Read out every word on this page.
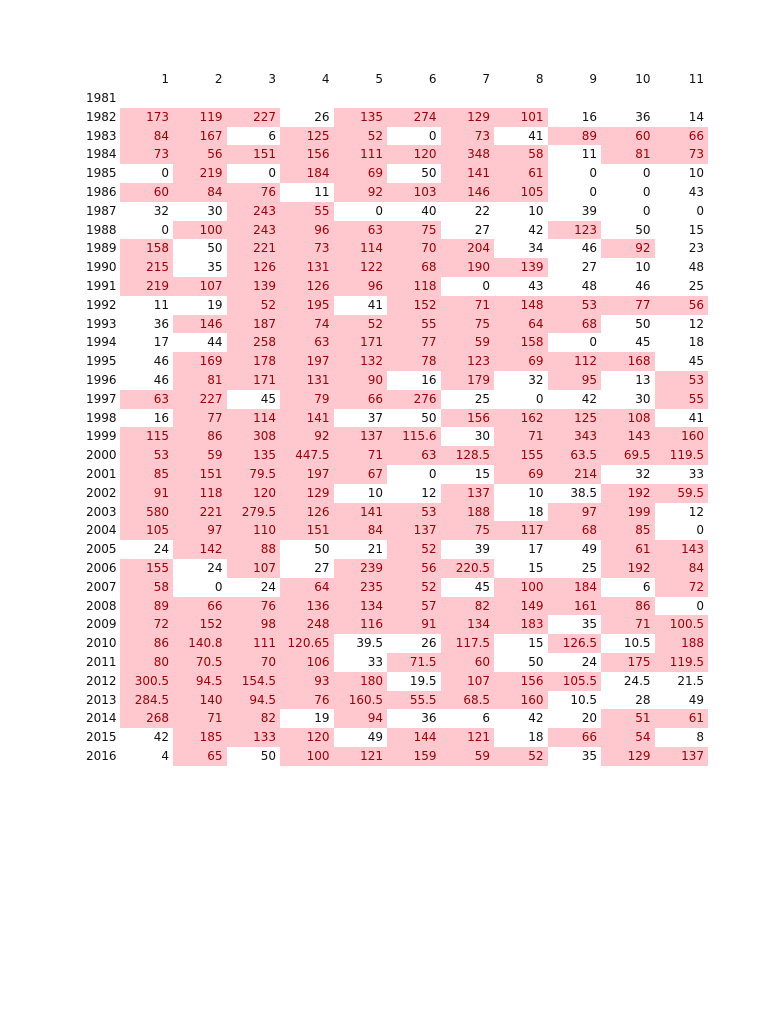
	1	2	3	4	5	6	7	8	9	10	11
1981											
1982	173	119	227	26	135	274	129	101	16	36	14
1983	84	167	6	125	52	0	73	41	89	60	66
1984	73	56	151	156	111	120	348	58	11	81	73
1985	0	219	0	184	69	50	141	61	0	0	10
1986	60	84	76	11	92	103	146	105	0	0	43
1987	32	30	243	55	0	40	22	10	39	0	0
1988	0	100	243	96	63	75	27	42	123	50	15
1989	158	50	221	73	114	70	204	34	46	92	23
1990	215	35	126	131	122	68	190	139	27	10	48
1991	219	107	139	126	96	118	0	43	48	46	25
1992	11	19	52	195	41	152	71	148	53	77	56
1993	36	146	187	74	52	55	75	64	68	50	12
1994	17	44	258	63	171	77	59	158	0	45	18
1995	46	169	178	197	132	78	123	69	112	168	45
1996	46	81	171	131	90	16	179	32	95	13	53
1997	63	227	45	79	66	276	25	0	42	30	55
1998	16	77	114	141	37	50	156	162	125	108	41
1999	115	86	308	92	137	115.6	30	71	343	143	160
2000	53	59	135	447.5	71	63	128.5	155	63.5	69.5	119.5
2001	85	151	79.5	197	67	0	15	69	214	32	33
2002	91	118	120	129	10	12	137	10	38.5	192	59.5
2003	580	221	279.5	126	141	53	188	18	97	199	12
2004	105	97	110	151	84	137	75	117	68	85	0
2005	24	142	88	50	21	52	39	17	49	61	143
2006	155	24	107	27	239	56	220.5	15	25	192	84
2007	58	0	24	64	235	52	45	100	184	6	72
2008	89	66	76	136	134	57	82	149	161	86	0
2009	72	152	98	248	116	91	134	183	35	71	100.5
2010	86	140.8	111	120.65	39.5	26	117.5	15	126.5	10.5	188
2011	80	70.5	70	106	33	71.5	60	50	24	175	119.5
2012	300.5	94.5	154.5	93	180	19.5	107	156	105.5	24.5	21.5
2013	284.5	140	94.5	76	160.5	55.5	68.5	160	10.5	28	49
2014	268	71	82	19	94	36	6	42	20	51	61
2015	42	185	133	120	49	144	121	18	66	54	8
2016	4	65	50	100	121	159	59	52	35	129	137
